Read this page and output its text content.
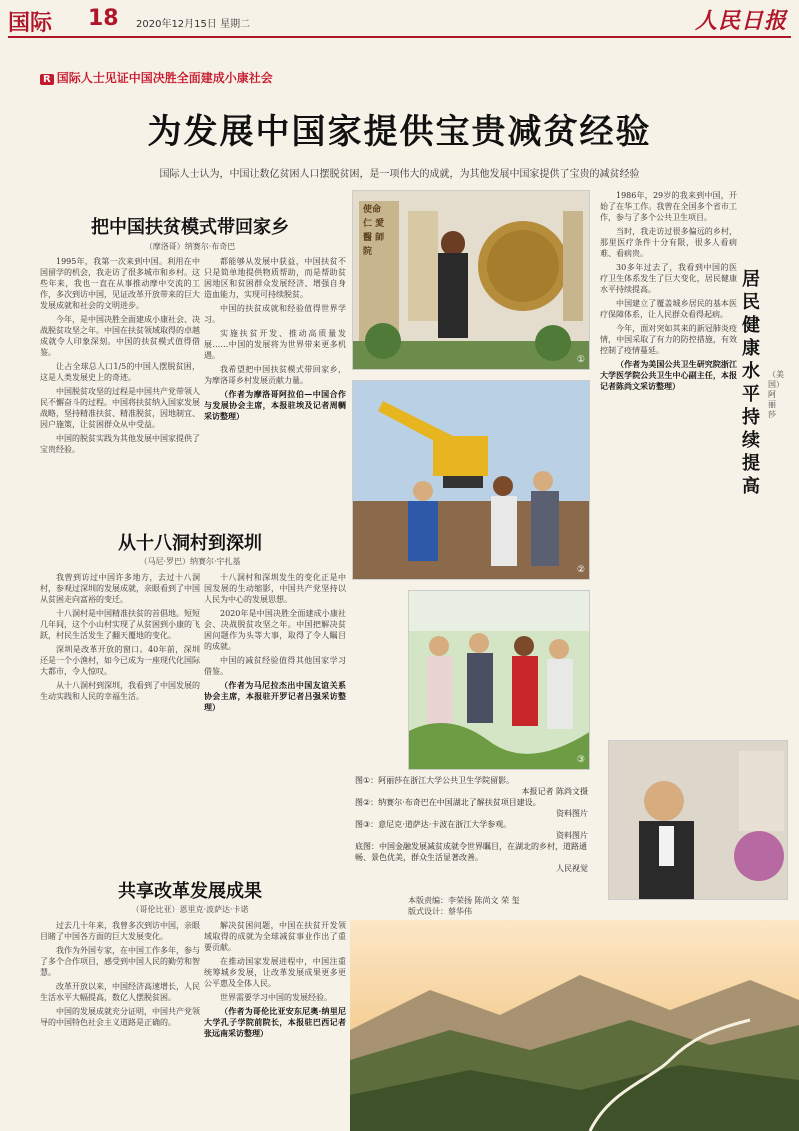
国际 18 2020年12月15日 星期二	人民日报
R 国际人士见证中国决胜全面建成小康社会
为发展中国家提供宝贵减贫经验
国际人士认为，中国让数亿贫困人口摆脱贫困，是一项伟大的成就，为其他发展中国家提供了宝贵的减贫经验
把中国扶贫模式带回家乡
（摩洛哥）纳赛尔·布奇巴

1995年，我第一次来到中国。利用在中国留学的机会，我走访了很多城市和乡村。这些年来，我也一直在从事推动摩中交流的工作，多次到访中国，见证改革开放带来的巨大发展成就和社会的文明进步。

今年，是中国决胜全面建成小康社会、决战脱贫攻坚之年。中国在扶贫领域取得的卓越成就令人印象深刻。中国的扶贫模式值得借鉴。

让占全球总人口1/5的中国人摆脱贫困，这是人类发展史上的奇迹。

中国脱贫攻坚的过程是中国共产党带领人民不懈奋斗的过程。中国将扶贫纳入国家发展战略，坚持精准扶贫、精准脱贫，因地制宜、因户施策，让贫困群众从中受益。

中国的脱贫实践为其他发展中国家提供了宝贵经验。

都能够从发展中获益，中国扶贫不只是简单地提供物质帮助，而是帮助贫困地区和贫困群众发展经济、增强自身造血能力，实现可持续脱贫。

中国的扶贫成就和经验值得世界学习。

实施扶贫开发、推动高质量发展……中国的发展将为世界带来更多机遇。

我希望把中国扶贫模式带回家乡，为摩洛哥乡村发展贡献力量。

（作者为摩洛哥阿拉伯—中国合作与发展协会主席，本报驻埃及记者周輖采访整理）

从十八洞村到深圳
（马尼·罗巴）纳赛尔·宇扎基

我曾到访过中国许多地方，去过十八洞村，参观过深圳的发展成就，亲眼看到了中国从贫困走向富裕的变迁。

十八洞村是中国精准扶贫的首倡地。短短几年间，这个小山村实现了从贫困到小康的飞跃，村民生活发生了翻天覆地的变化。

深圳是改革开放的窗口。40年前，深圳还是一个小渔村，如今已成为一座现代化国际大都市，令人惊叹。

从十八洞村到深圳，我看到了中国发展的生动实践和人民的幸福生活。

十八洞村和深圳发生的变化正是中国发展的生动缩影，中国共产党坚持以人民为中心的发展思想。

2020年是中国决胜全面建成小康社会、决战脱贫攻坚之年。中国把解决贫困问题作为头等大事，取得了令人瞩目的成就。

中国的减贫经验值得其他国家学习借鉴。

（作者为马尼拉杰出中国友谊关系协会主席，本报驻开罗记者吕强采访整理）

共享改革发展成果
（哥伦比亚）恩里克·波萨达·卡诺

过去几十年来，我曾多次到访中国，亲眼目睹了中国各方面的巨大发展变化。

我作为外国专家，在中国工作多年，参与了多个合作项目，感受到中国人民的勤劳和智慧。

改革开放以来，中国经济高速增长，人民生活水平大幅提高，数亿人摆脱贫困。

中国的发展成就充分证明，中国共产党领导的中国特色社会主义道路是正确的。

解决贫困问题，中国在扶贫开发领域取得的成就为全球减贫事业作出了重要贡献。

在推动国家发展进程中，中国注重统筹城乡发展，让改革发展成果更多更公平惠及全体人民。

世界需要学习中国的发展经验。

（作者为哥伦比亚安东尼奥·纳里尼大学孔子学院前院长，本报驻巴西记者张远南采访整理）

使命 仁 愛 醫 師 院
①
②
③
图①：阿丽莎在浙江大学公共卫生学院留影。
本报记者 陈尚文摄
图②：纳赛尔·布奇巴在中国湖北了解扶贫项目建设。
资料图片
图③：意尼克·道萨达·卡波在浙江大学参观。
资料图片
底图：中国金融发展减贫成就令世界瞩目，在湖北的乡村，道路通畅、景色优美，群众生活显著改善。
人民视觉
本版责编：李荣扬 陈尚文 荣 玺
版式设计：蔡华伟

1986年，29岁的我来到中国，开始了在华工作。我曾在全国多个省市工作，参与了多个公共卫生项目。

当时，我走访过很多偏远的乡村，那里医疗条件十分有限，很多人看病难、看病贵。

30多年过去了，我看到中国的医疗卫生体系发生了巨大变化，居民健康水平持续提高。

中国建立了覆盖城乡居民的基本医疗保障体系，让人民群众看得起病。

今年，面对突如其来的新冠肺炎疫情，中国采取了有力的防控措施，有效控制了疫情蔓延。

（作者为美国公共卫生研究院浙江大学医学院公共卫生中心副主任，本报记者陈尚文采访整理）

居民健康水平持续提高
（美国）阿丽莎
